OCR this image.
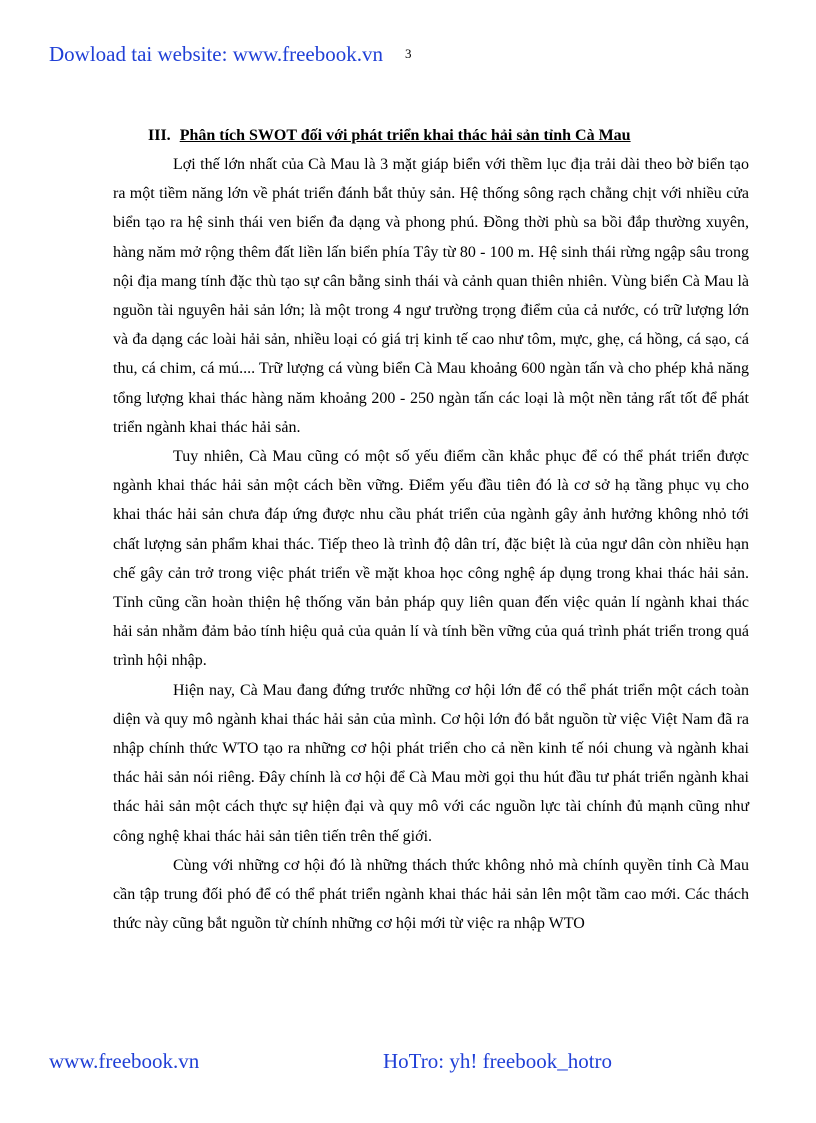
Dowload tai website: www.freebook.vn 3
III. Phân tích SWOT đối với phát triển khai thác hải sản tỉnh Cà Mau

Lợi thế lớn nhất của Cà Mau là 3 mặt giáp biển với thềm lục địa trải dài theo bờ biển tạo ra một tiềm năng lớn về phát triển đánh bắt thủy sản. Hệ thống sông rạch chằng chịt với nhiều cửa biển tạo ra hệ sinh thái ven biển đa dạng và phong phú. Đồng thời phù sa bồi đắp thường xuyên, hàng năm mở rộng thêm đất liền lấn biển phía Tây từ 80 - 100 m. Hệ sinh thái rừng ngập sâu trong nội địa mang tính đặc thù tạo sự cân bằng sinh thái và cảnh quan thiên nhiên. Vùng biển Cà Mau là nguồn tài nguyên hải sản lớn; là một trong 4 ngư trường trọng điểm của cả nước, có trữ lượng lớn và đa dạng các loài hải sản, nhiều loại có giá trị kinh tế cao như tôm, mực, ghẹ, cá hồng, cá sạo, cá thu, cá chim, cá mú.... Trữ lượng cá vùng biển Cà Mau khoảng 600 ngàn tấn và cho phép khả năng tổng lượng khai thác hàng năm khoảng 200 - 250 ngàn tấn các loại là một nền tảng rất tốt để phát triển ngành khai thác hải sản.

Tuy nhiên, Cà Mau cũng có một số yếu điểm cần khắc phục để có thể phát triển được ngành khai thác hải sản một cách bền vững. Điểm yếu đầu tiên đó là cơ sở hạ tầng phục vụ cho khai thác hải sản chưa đáp ứng được nhu cầu phát triển của ngành gây ảnh hưởng không nhỏ tới chất lượng sản phẩm khai thác. Tiếp theo là trình độ dân trí, đặc biệt là của ngư dân còn nhiều hạn chế gây cản trở trong việc phát triển về mặt khoa học công nghệ áp dụng trong khai thác hải sản. Tỉnh cũng cần hoàn thiện hệ thống văn bản pháp quy liên quan đến việc quản lí ngành khai thác hải sản nhằm đảm bảo tính hiệu quả của quản lí và tính bền vững của quá trình phát triển trong quá trình hội nhập.

Hiện nay, Cà Mau đang đứng trước những cơ hội lớn để có thể phát triển một cách toàn diện và quy mô ngành khai thác hải sản của mình. Cơ hội lớn đó bắt nguồn từ việc Việt Nam đã ra nhập chính thức WTO tạo ra những cơ hội phát triển cho cả nền kinh tế nói chung và ngành khai thác hải sản nói riêng. Đây chính là cơ hội để Cà Mau mời gọi thu hút đầu tư phát triển ngành khai thác hải sản một cách thực sự hiện đại và quy mô với các nguồn lực tài chính đủ mạnh cũng như công nghệ khai thác hải sản tiên tiến trên thế giới.

Cùng với những cơ hội đó là những thách thức không nhỏ mà chính quyền tỉnh Cà Mau cần tập trung đối phó để có thể phát triển ngành khai thác hải sản lên một tầm cao mới. Các thách thức này cũng bắt nguồn từ chính những cơ hội mới từ việc ra nhập WTO

www.freebook.vn	HoTro: yh! freebook_hotro
